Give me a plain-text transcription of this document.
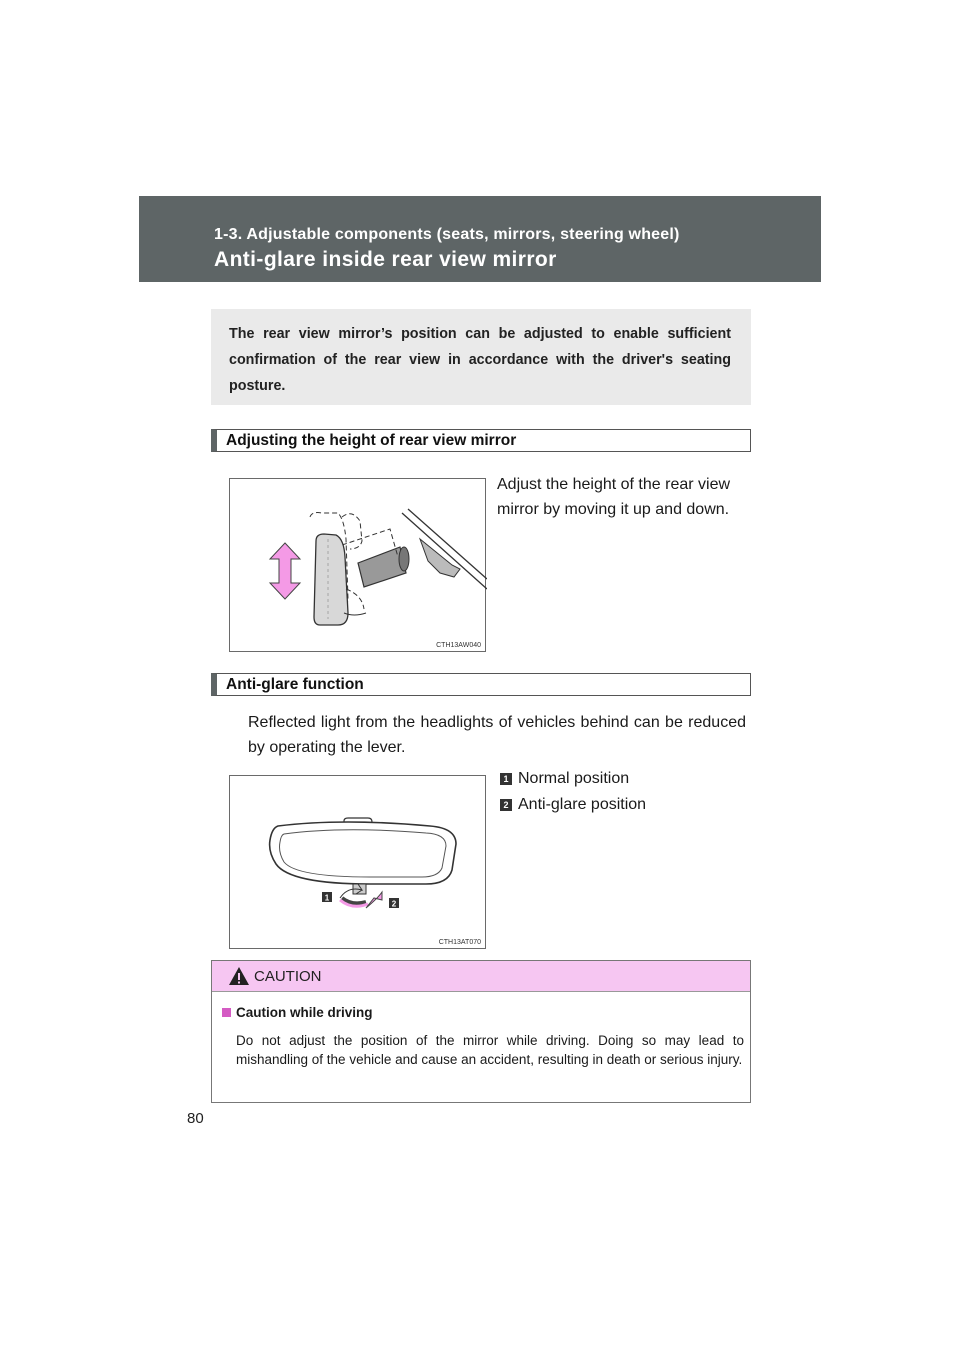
1-3. Adjustable components (seats, mirrors, steering wheel)
Anti-glare inside rear view mirror

The rear view mirror’s position can be adjusted to enable sufficient confirmation of the rear view in accordance with the driver's seating posture.

Adjusting the height of rear view mirror
CTH13AW040
Adjust the height of the rear view mirror by moving it up and down.
Anti-glare function
Reflected light from the headlights of vehicles behind can be reduced by operating the lever.
1 Normal position
2 Anti-glare position
1
2
CTH13AT070
CAUTION
Caution while driving
Do not adjust the position of the mirror while driving. Doing so may lead to mishandling of the vehicle and cause an accident, resulting in death or serious injury.
80
